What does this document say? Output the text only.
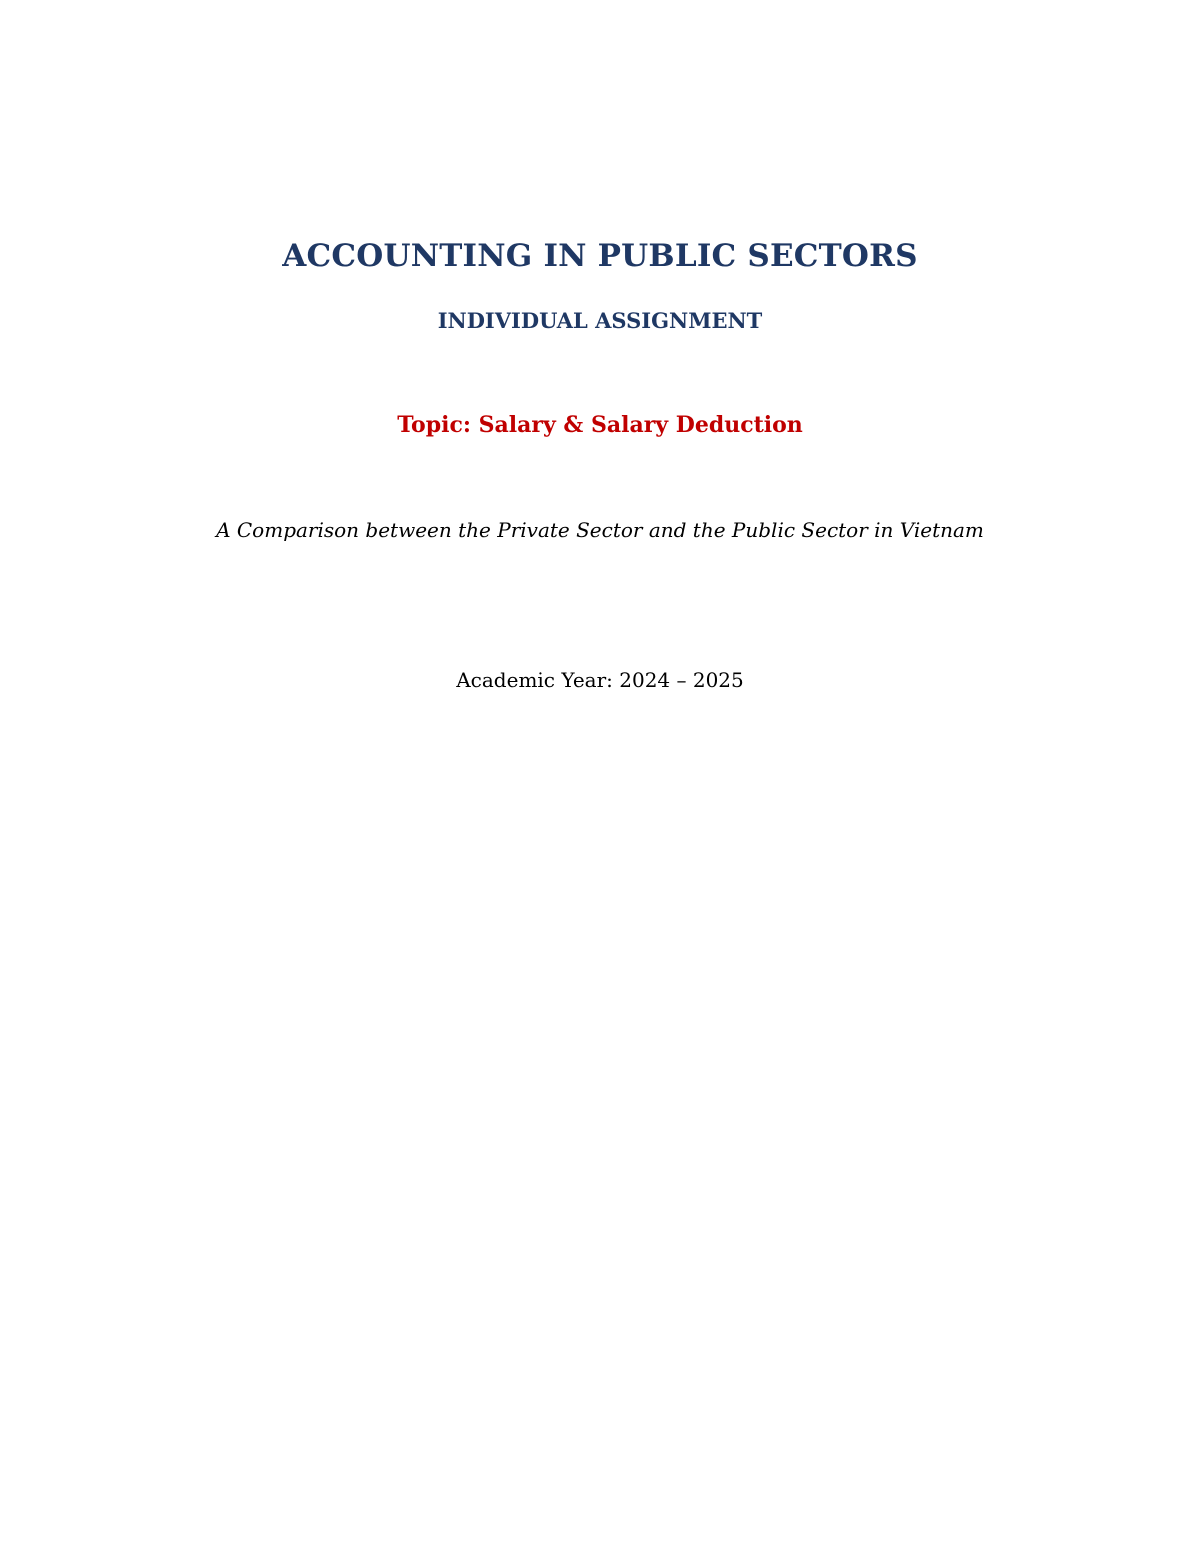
ACCOUNTING IN PUBLIC SECTORS
INDIVIDUAL ASSIGNMENT
Topic: Salary & Salary Deduction
A Comparison between the Private Sector and the Public Sector in Vietnam
Academic Year: 2024 – 2025
